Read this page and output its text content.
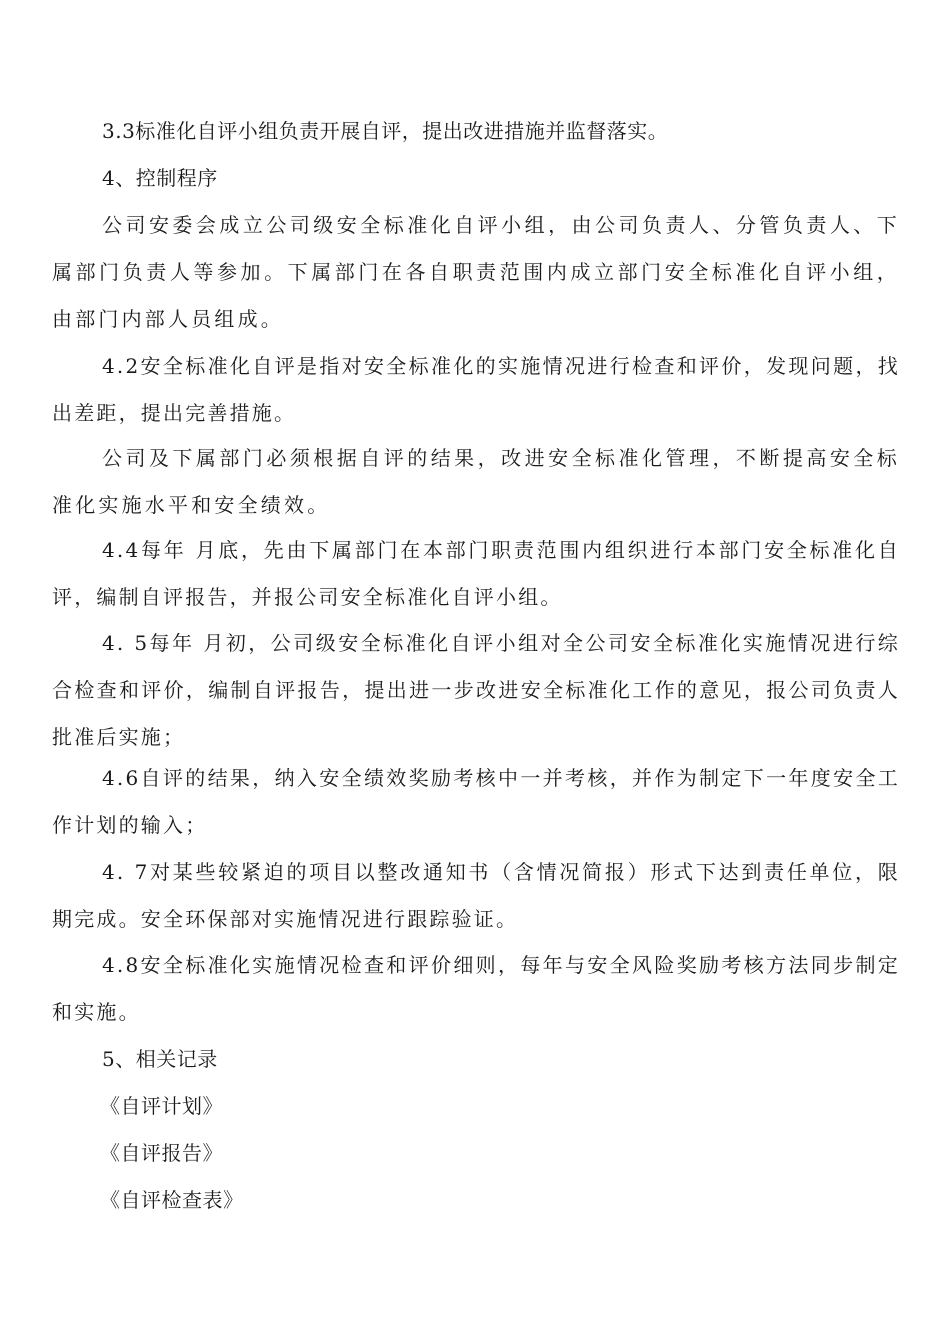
3.3标准化自评小组负责开展自评，提出改进措施并监督落实。

4、控制程序

公司安委会成立公司级安全标准化自评小组，由公司负责人、分管负责人、下属部门负责人等参加。下属部门在各自职责范围内成立部门安全标准化自评小组，由部门内部人员组成。

4.2安全标准化自评是指对安全标准化的实施情况进行检查和评价，发现问题，找出差距，提出完善措施。

公司及下属部门必须根据自评的结果，改进安全标准化管理，不断提高安全标准化实施水平和安全绩效。

4.4每年 月底，先由下属部门在本部门职责范围内组织进行本部门安全标准化自评，编制自评报告，并报公司安全标准化自评小组。

4. 5每年 月初，公司级安全标准化自评小组对全公司安全标准化实施情况进行综合检查和评价，编制自评报告，提出进一步改进安全标准化工作的意见，报公司负责人批准后实施；

4.6自评的结果，纳入安全绩效奖励考核中一并考核，并作为制定下一年度安全工作计划的输入；

4. 7对某些较紧迫的项目以整改通知书（含情况简报）形式下达到责任单位，限期完成。安全环保部对实施情况进行跟踪验证。

4.8安全标准化实施情况检查和评价细则，每年与安全风险奖励考核方法同步制定和实施。

5、相关记录

《自评计划》

《自评报告》

《自评检查表》
